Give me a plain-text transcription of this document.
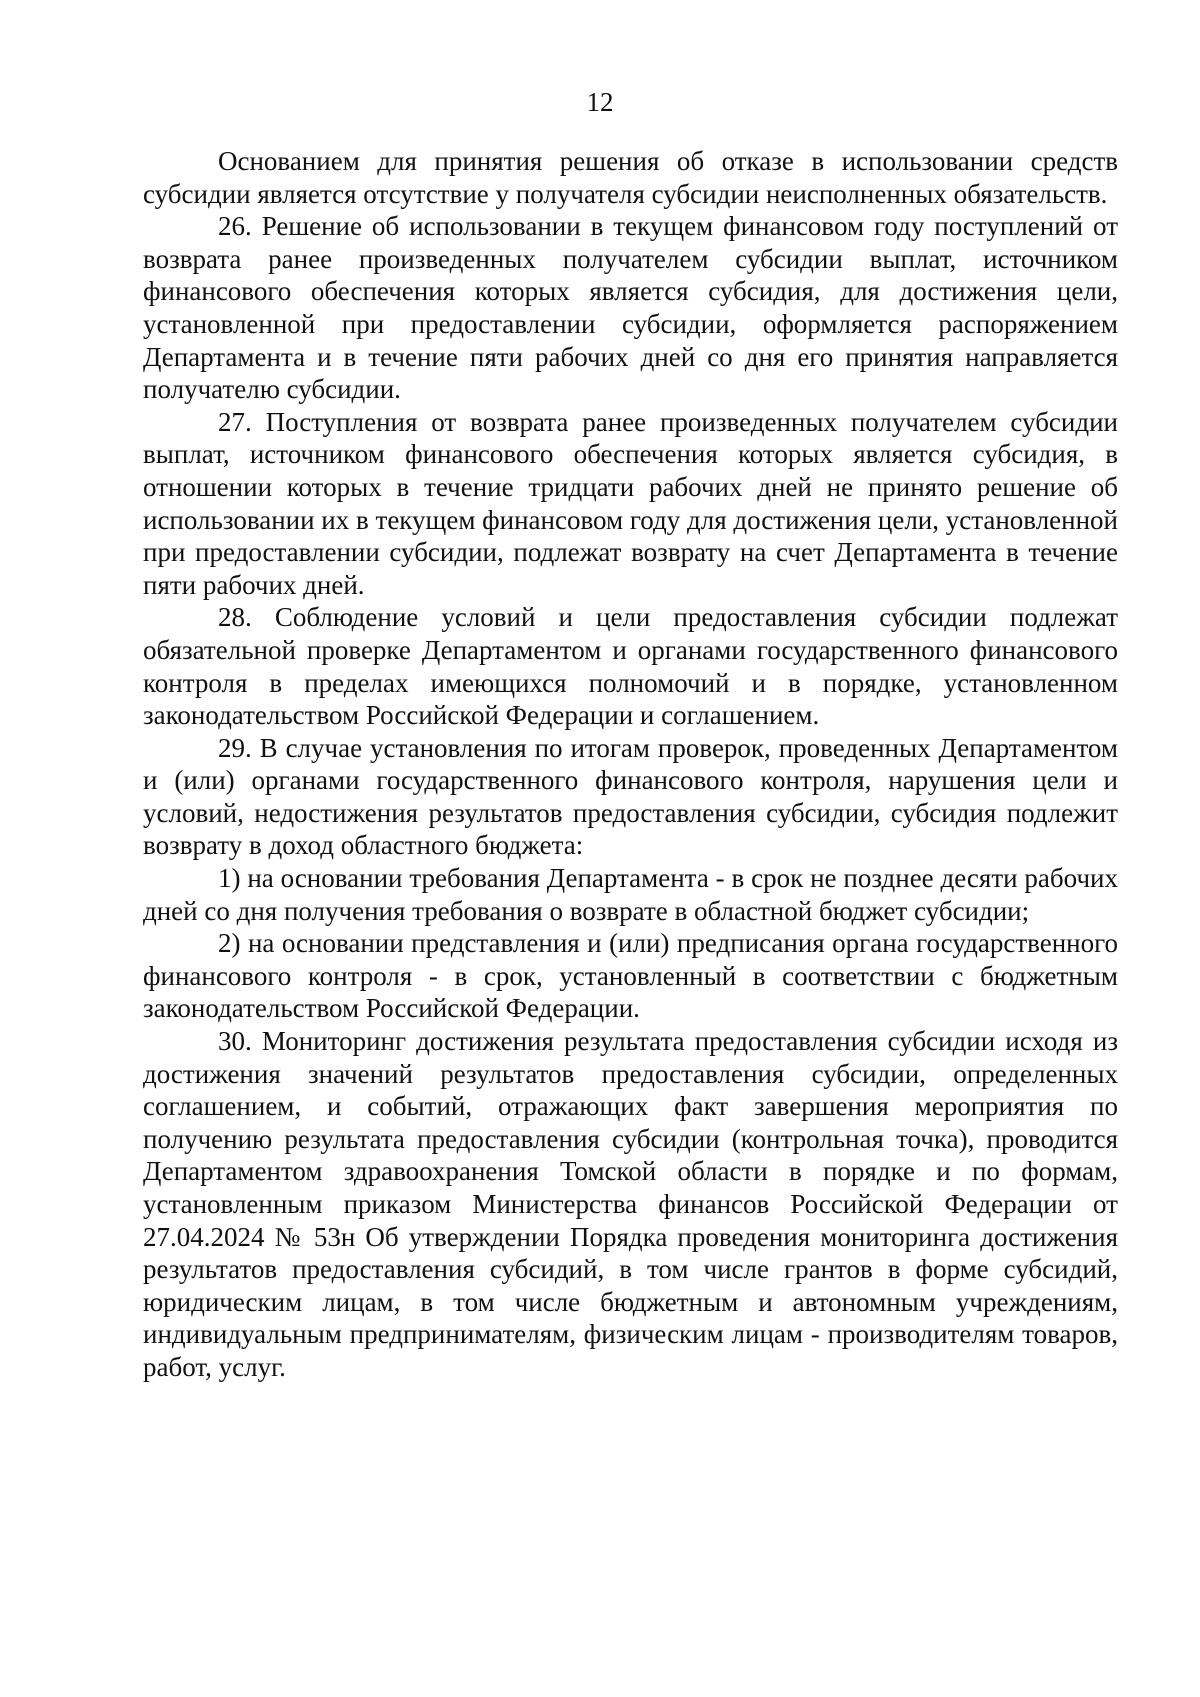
12

Основанием для принятия решения об отказе в использовании средств субсидии является отсутствие у получателя субсидии неисполненных обязательств.

26. Решение об использовании в текущем финансовом году поступлений от возврата ранее произведенных получателем субсидии выплат, источником финансового обеспечения которых является субсидия, для достижения цели, установленной при предоставлении субсидии, оформляется распоряжением Департамента и в течение пяти рабочих дней со дня его принятия направляется получателю субсидии.

27. Поступления от возврата ранее произведенных получателем субсидии выплат, источником финансового обеспечения которых является субсидия, в отношении которых в течение тридцати рабочих дней не принято решение об использовании их в текущем финансовом году для достижения цели, установленной при предоставлении субсидии, подлежат возврату на счет Департамента в течение пяти рабочих дней.

28. Соблюдение условий и цели предоставления субсидии подлежат обязательной проверке Департаментом и органами государственного финансового контроля в пределах имеющихся полномочий и в порядке, установленном законодательством Российской Федерации и соглашением.

29. В случае установления по итогам проверок, проведенных Департаментом и (или) органами государственного финансового контроля, нарушения цели и условий, недостижения результатов предоставления субсидии, субсидия подлежит возврату в доход областного бюджета:

1) на основании требования Департамента - в срок не позднее десяти рабочих дней со дня получения требования о возврате в областной бюджет субсидии;

2) на основании представления и (или) предписания органа государственного финансового контроля - в срок, установленный в соответствии с бюджетным законодательством Российской Федерации.

30. Мониторинг достижения результата предоставления субсидии исходя из достижения значений результатов предоставления субсидии, определенных соглашением, и событий, отражающих факт завершения мероприятия по получению результата предоставления субсидии (контрольная точка), проводится Департаментом здравоохранения Томской области в порядке и по формам, установленным приказом Министерства финансов Российской Федерации от 27.04.2024 № 53н Об утверждении Порядка проведения мониторинга достижения результатов предоставления субсидий, в том числе грантов в форме субсидий, юридическим лицам, в том числе бюджетным и автономным учреждениям, индивидуальным предпринимателям, физическим лицам - производителям товаров, работ, услуг.
